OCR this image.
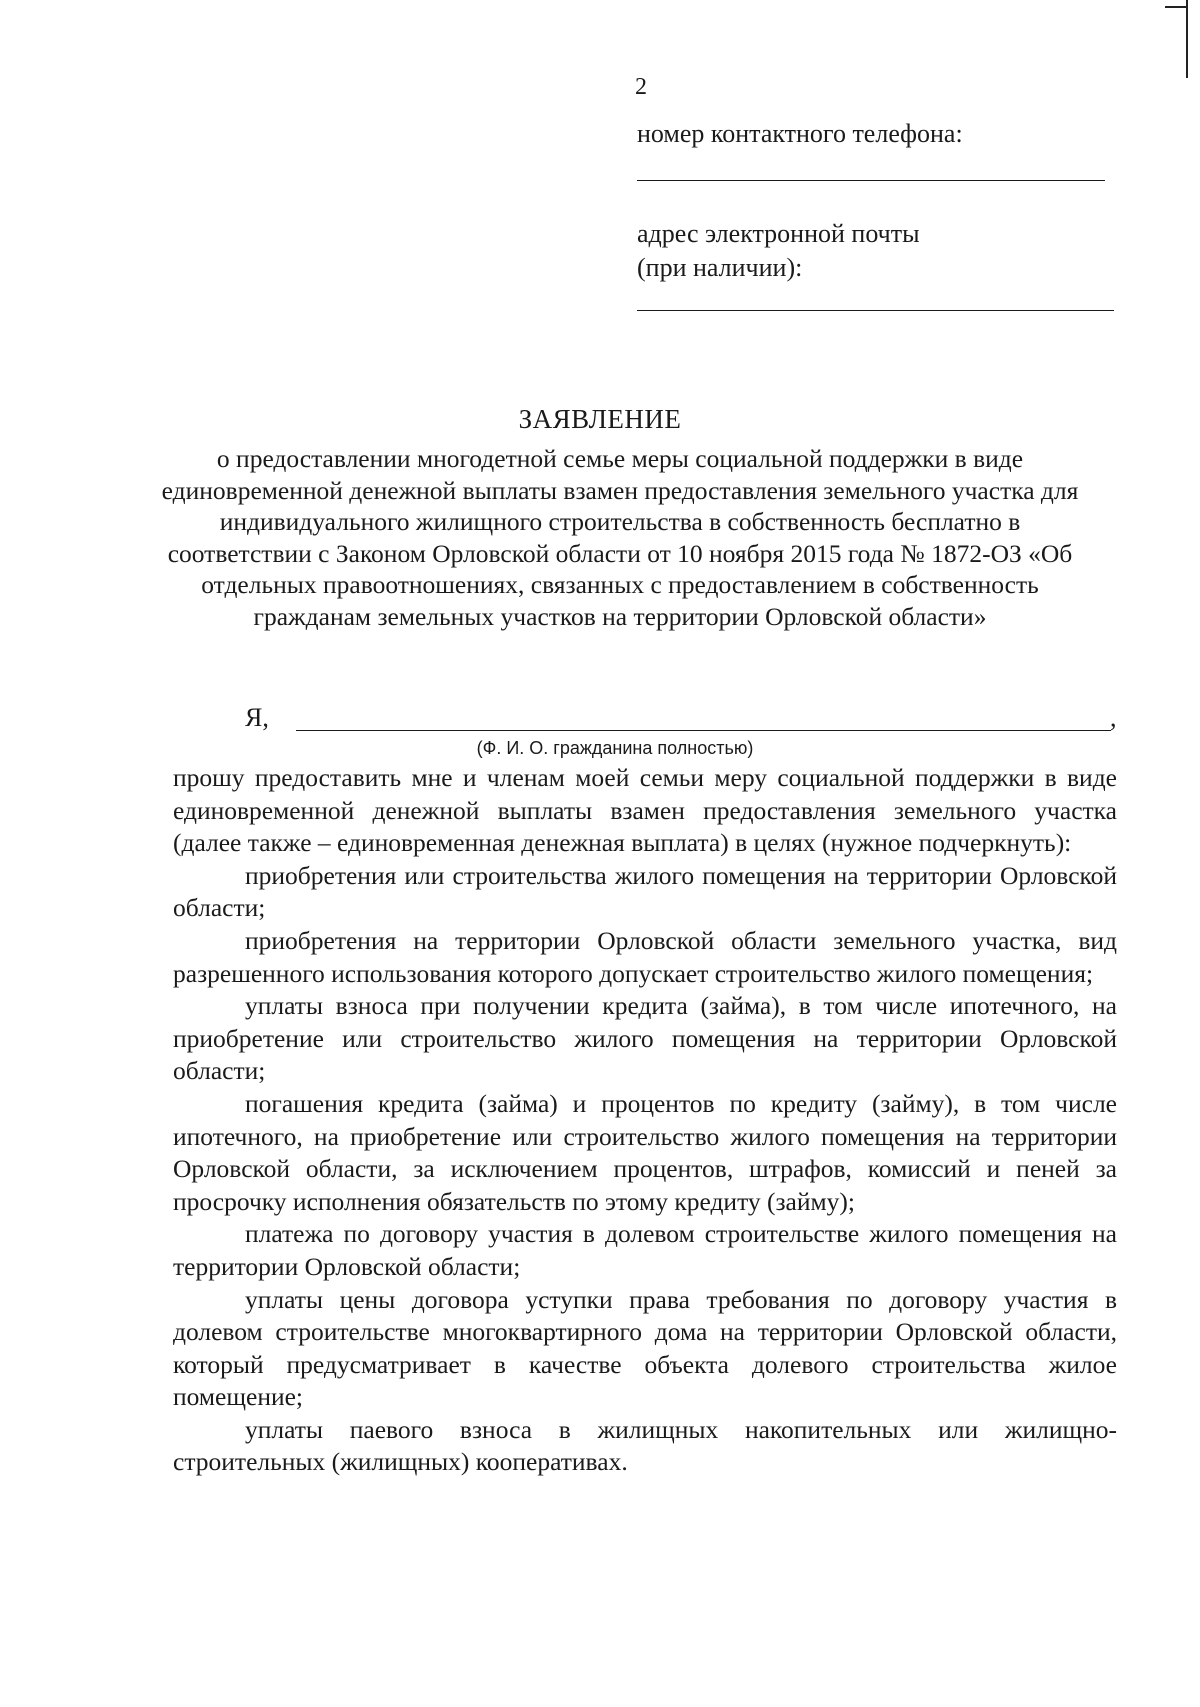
2
номер контактного телефона:
адрес электронной почты
(при наличии):
ЗАЯВЛЕНИЕ
о предоставлении многодетной семье меры социальной поддержки в виде единовременной денежной выплаты взамен предоставления земельного участка для индивидуального жилищного строительства в собственность бесплатно в соответствии с Законом Орловской области от 10 ноября 2015 года № 1872-ОЗ «Об отдельных правоотношениях, связанных с предоставлением в собственность гражданам земельных участков на территории Орловской области»
Я,	,
(Ф. И. О. гражданина полностью)

прошу предоставить мне и членам моей семьи меру социальной поддержки в виде единовременной денежной выплаты взамен предоставления земельного участка (далее также – единовременная денежная выплата) в целях (нужное подчеркнуть):

приобретения или строительства жилого помещения на территории Орловской области;

приобретения на территории Орловской области земельного участка, вид разрешенного использования которого допускает строительство жилого помещения;

уплаты взноса при получении кредита (займа), в том числе ипотечного, на приобретение или строительство жилого помещения на территории Орловской области;

погашения кредита (займа) и процентов по кредиту (займу), в том числе ипотечного, на приобретение или строительство жилого помещения на территории Орловской области, за исключением процентов, штрафов, комиссий и пеней за просрочку исполнения обязательств по этому кредиту (займу);

платежа по договору участия в долевом строительстве жилого помещения на территории Орловской области;

уплаты цены договора уступки права требования по договору участия в долевом строительстве многоквартирного дома на территории Орловской области, который предусматривает в качестве объекта долевого строительства жилое помещение;

уплаты паевого взноса в жилищных накопительных или жилищно-строительных (жилищных) кооперативах.
